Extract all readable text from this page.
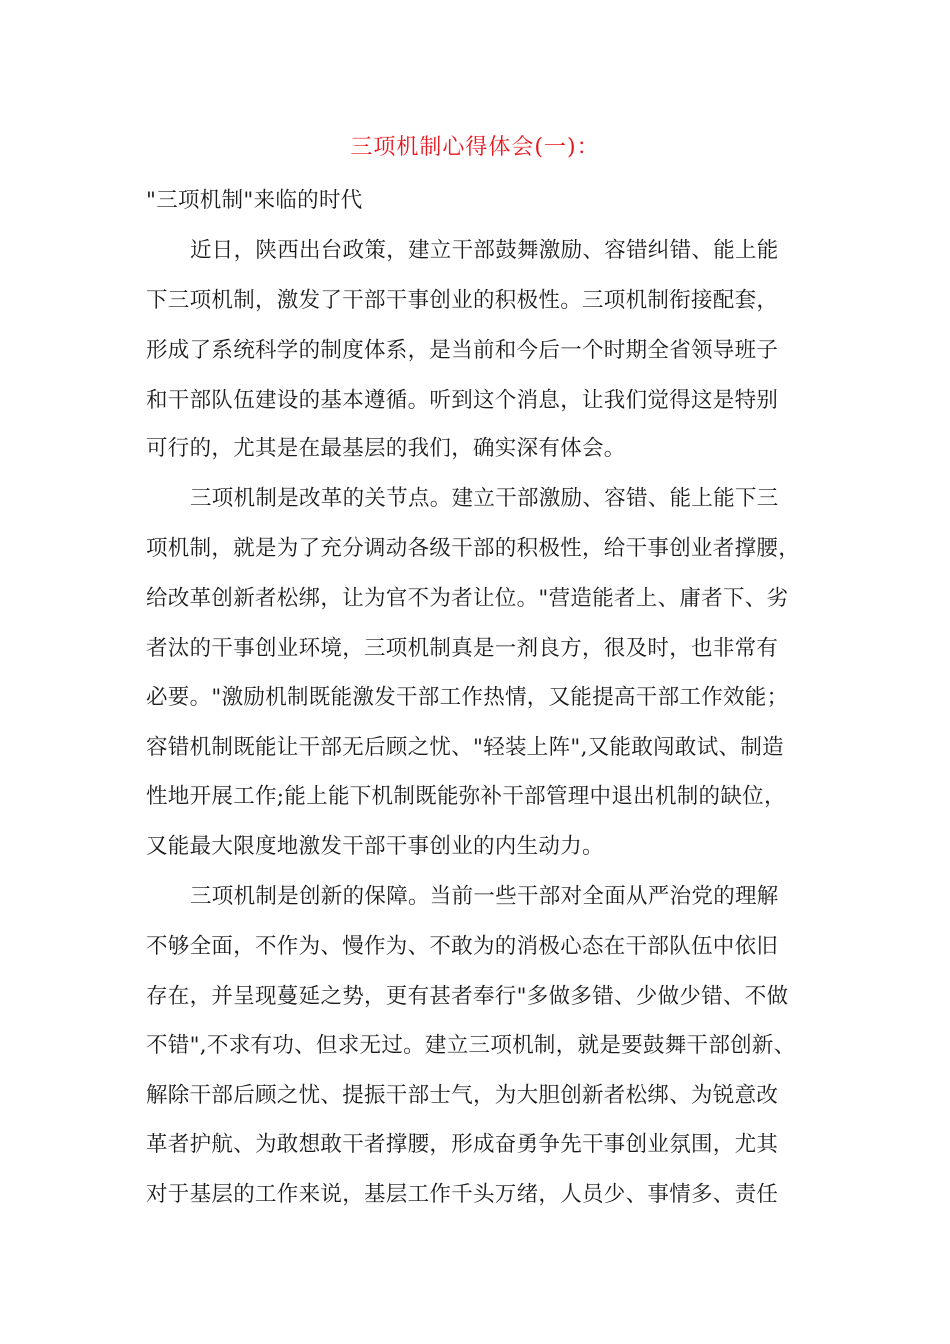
三项机制心得体会(一)：
"三项机制"来临的时代
近日，陕西出台政策，建立干部鼓舞激励、容错纠错、能上能
下三项机制，激发了干部干事创业的积极性。三项机制衔接配套，
形成了系统科学的制度体系，是当前和今后一个时期全省领导班子
和干部队伍建设的基本遵循。听到这个消息，让我们觉得这是特别
可行的，尤其是在最基层的我们，确实深有体会。
三项机制是改革的关节点。建立干部激励、容错、能上能下三
项机制，就是为了充分调动各级干部的积极性，给干事创业者撑腰，
给改革创新者松绑，让为官不为者让位。"营造能者上、庸者下、劣
者汰的干事创业环境，三项机制真是一剂良方，很及时，也非常有
必要。"激励机制既能激发干部工作热情，又能提高干部工作效能；
容错机制既能让干部无后顾之忧、"轻装上阵",又能敢闯敢试、制造
性地开展工作;能上能下机制既能弥补干部管理中退出机制的缺位，
又能最大限度地激发干部干事创业的内生动力。
三项机制是创新的保障。当前一些干部对全面从严治党的理解
不够全面，不作为、慢作为、不敢为的消极心态在干部队伍中依旧
存在，并呈现蔓延之势，更有甚者奉行"多做多错、少做少错、不做
不错",不求有功、但求无过。建立三项机制，就是要鼓舞干部创新、
解除干部后顾之忧、提振干部士气，为大胆创新者松绑、为锐意改
革者护航、为敢想敢干者撑腰，形成奋勇争先干事创业氛围，尤其
对于基层的工作来说，基层工作千头万绪，人员少、事情多、责任
